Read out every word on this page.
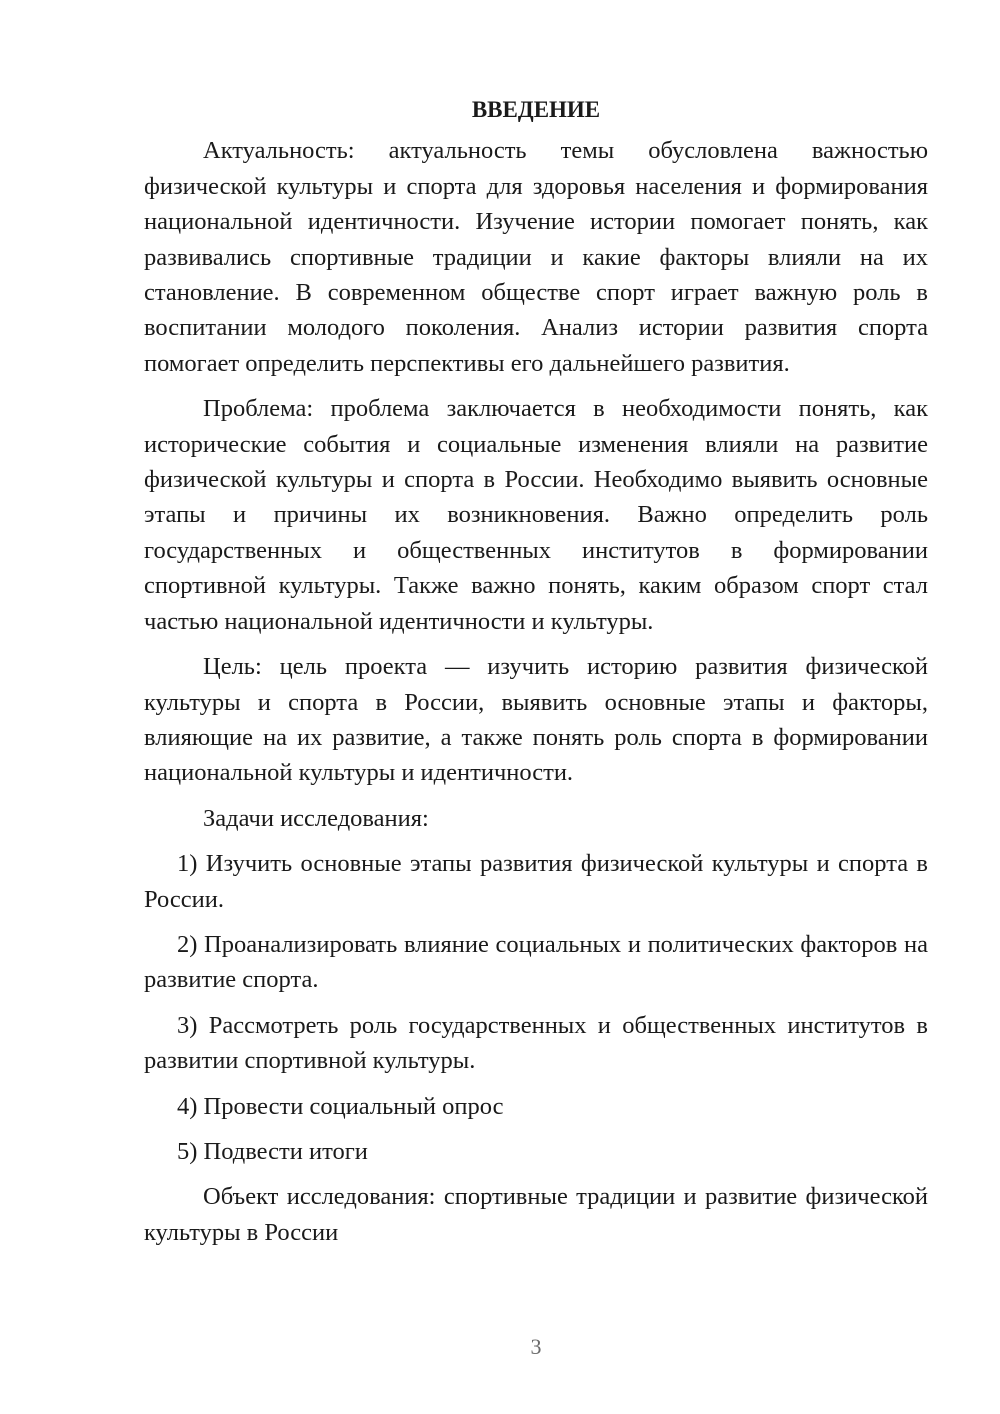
ВВЕДЕНИЕ

Актуальность: актуальность темы обусловлена важностью физической культуры и спорта для здоровья населения и формирования национальной идентичности. Изучение истории помогает понять, как развивались спортивные традиции и какие факторы влияли на их становление. В современном обществе спорт играет важную роль в воспитании молодого поколения. Анализ истории развития спорта помогает определить перспективы его дальнейшего развития.

Проблема: проблема заключается в необходимости понять, как исторические события и социальные изменения влияли на развитие физической культуры и спорта в России. Необходимо выявить основные этапы и причины их возникновения. Важно определить роль государственных и общественных институтов в формировании спортивной культуры. Также важно понять, каким образом спорт стал частью национальной идентичности и культуры.

Цель: цель проекта — изучить историю развития физической культуры и спорта в России, выявить основные этапы и факторы, влияющие на их развитие, а также понять роль спорта в формировании национальной культуры и идентичности.

Задачи исследования:

1) Изучить основные этапы развития физической культуры и спорта в России.

2) Проанализировать влияние социальных и политических факторов на развитие спорта.

3) Рассмотреть роль государственных и общественных институтов в развитии спортивной культуры.

4) Провести социальный опрос

5) Подвести итоги

Объект исследования: спортивные традиции и развитие физической культуры в России

3
